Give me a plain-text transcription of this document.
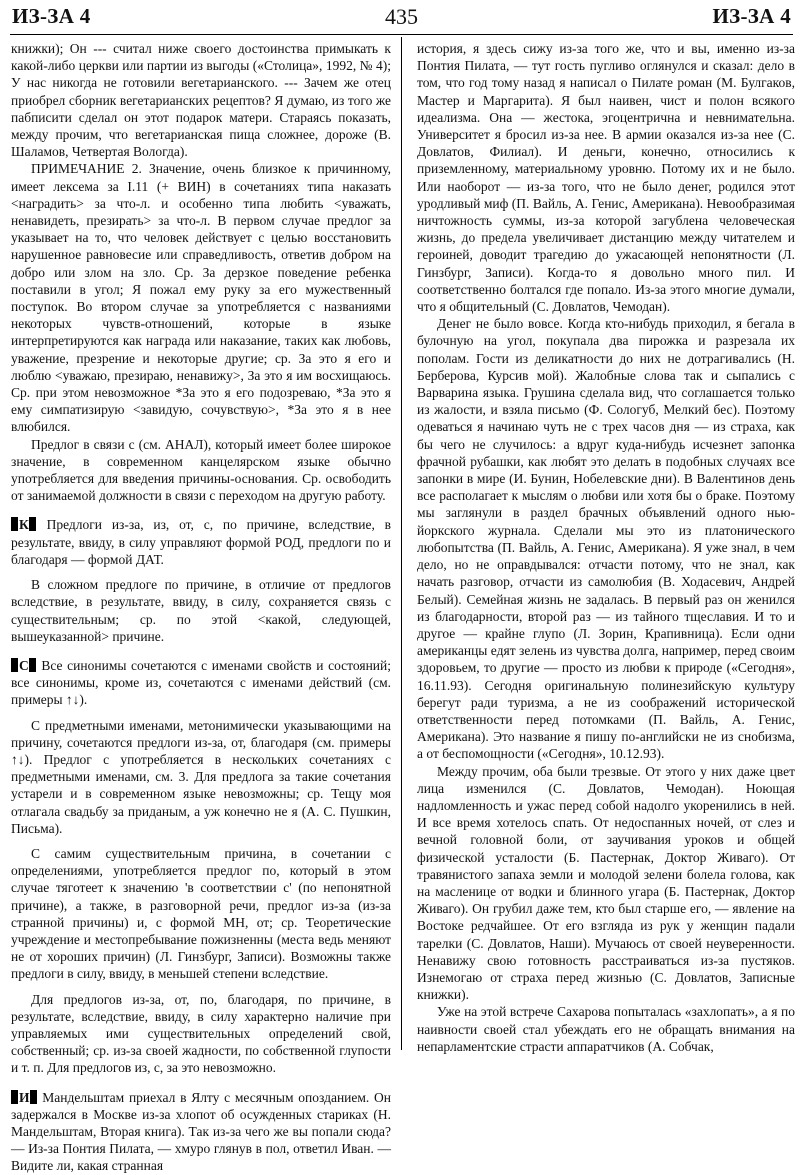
ИЗ-ЗА 4	435	ИЗ-ЗА 4

книжки); Он --- считал ниже своего достоинства примыкать к какой-либо церкви или партии из выгоды («Столица», 1992, № 4); У нас никогда не готовили вегетарианского. --- Зачем же отец приобрел сборник вегетарианских рецептов? Я думаю, из того же пабписити сделал он этот подарок матери. Стараясь показать, между прочим, что вегетарианская пища сложнее, дороже (В. Шаламов, Четвертая Вологда).

ПРИМЕЧАНИЕ 2. Значение, очень близкое к причинному, имеет лексема за I.11 (+ ВИН) в сочетаниях типа наказать <наградить> за что-л. и особенно типа любить <уважать, ненавидеть, презирать> за что-л. В первом случае предлог за указывает на то, что человек действует с целью восстановить нарушенное равновесие или справедливость, ответив добром на добро или злом на зло. Ср. За дерзкое поведение ребенка поставили в угол; Я пожал ему руку за его мужественный поступок. Во втором случае за употребляется с названиями некоторых чувств-отношений, которые в языке интерпретируются как награда или наказание, таких как любовь, уважение, презрение и некоторые другие; ср. За это я его и люблю <уважаю, презираю, ненавижу>, За это я им восхищаюсь. Ср. при этом невозможное *За это я его подозреваю, *За это я ему симпатизирую <завидую, сочувствую>, *За это я в нее влюбился.

Предлог в связи с (см. АНАЛ), который имеет более широкое значение, в современном канцелярском языке обычно употребляется для введения причины-основания. Ср. освободить от занимаемой должности в связи с переходом на другую работу.

К Предлоги из-за, из, от, с, по причине, вследствие, в результате, ввиду, в силу управляют формой РОД, предлоги по и благодаря — формой ДАТ.

В сложном предлоге по причине, в отличие от предлогов вследствие, в результате, ввиду, в силу, сохраняется связь с существительным; ср. по этой <какой, следующей, вышеуказанной> причине.

С Все синонимы сочетаются с именами свойств и состояний; все синонимы, кроме из, сочетаются с именами действий (см. примеры ↑↓).

С предметными именами, метонимически указывающими на причину, сочетаются предлоги из-за, от, благодаря (см. примеры ↑↓). Предлог с употребляется в нескольких сочетаниях с предметными именами, см. 3. Для предлога за такие сочетания устарели и в современном языке невозможны; ср. Тещу моя отлагала свадьбу за приданым, а уж конечно не я (А. С. Пушкин, Письма).

С самим существительным причина, в сочетании с определениями, употребляется предлог по, который в этом случае тяготеет к значению 'в соответствии с' (по непонятной причине), а также, в разговорной речи, предлог из-за (из-за странной причины) и, с формой МН, от; ср. Теоретические учреждение и местопребывание пожизненны (места ведь меняют не от хороших причин) (Л. Гинзбург, Записи). Возможны также предлоги в силу, ввиду, в меньшей степени вследствие.

Для предлогов из-за, от, по, благодаря, по причине, в результате, вследствие, ввиду, в силу характерно наличие при управляемых ими существительных определений свой, собственный; ср. из-за своей жадности, по собственной глупости и т. п. Для предлогов из, с, за это невозможно.

И Мандельштам приехал в Ялту с месячным опозданием. Он задержался в Москве из-за хлопот об осужденных стариках (Н. Мандельштам, Вторая книга). Так из-за чего же вы попали сюда? — Из-за Понтия Пилата, — хмуро глянув в пол, ответил Иван. — Видите ли, какая странная

история, я здесь сижу из-за того же, что и вы, именно из-за Понтия Пилата, — тут гость пугливо оглянулся и сказал: дело в том, что год тому назад я написал о Пилате роман (М. Булгаков, Мастер и Маргарита). Я был наивен, чист и полон всякого идеализма. Она — жестока, эгоцентрична и невнимательна. Университет я бросил из-за нее. В армии оказался из-за нее (С. Довлатов, Филиал). И деньги, конечно, относились к приземленному, материальному уровню. Потому их и не было. Или наоборот — из-за того, что не было денег, родился этот уродливый миф (П. Вайль, А. Генис, Американа). Невообразимая ничтожность суммы, из-за которой загублена человеческая жизнь, до предела увеличивает дистанцию между читателем и героиней, доводит трагедию до ужасающей непонятности (Л. Гинзбург, Записи). Когда-то я довольно много пил. И соответственно болтался где попало. Из-за этого многие думали, что я общительный (С. Довлатов, Чемодан).

Денег не было вовсе. Когда кто-нибудь приходил, я бегала в булочную на угол, покупала два пирожка и разрезала их пополам. Гости из деликатности до них не дотрагивались (Н. Берберова, Курсив мой). Жалобные слова так и сыпались с Варварина языка. Грушина сделала вид, что соглашается только из жалости, и взяла письмо (Ф. Сологуб, Мелкий бес). Поэтому одеваться я начинаю чуть не с трех часов дня — из страха, как бы чего не случилось: а вдруг куда-нибудь исчезнет запонка фрачной рубашки, как любят это делать в подобных случаях все запонки в мире (И. Бунин, Нобелевские дни). В Валентинов день все располагает к мыслям о любви или хотя бы о браке. Поэтому мы заглянули в раздел брачных объявлений одного нью-йоркского журнала. Сделали мы это из платонического любопытства (П. Вайль, А. Генис, Американа). Я уже знал, в чем дело, но не оправдывался: отчасти потому, что не знал, как начать разговор, отчасти из самолюбия (В. Ходасевич, Андрей Белый). Семейная жизнь не задалась. В первый раз он женился из благодарности, второй раз — из тайного тщеславия. И то и другое — крайне глупо (Л. Зорин, Крапивница). Если одни американцы едят зелень из чувства долга, например, перед своим здоровьем, то другие — просто из любви к природе («Сегодня», 16.11.93). Сегодня оригинальную полинезийскую культуру берегут ради туризма, а не из соображений исторической ответственности перед потомками (П. Вайль, А. Генис, Американа). Это название я пишу по-английски не из снобизма, а от беспомощности («Сегодня», 10.12.93).

Между прочим, оба были трезвые. От этого у них даже цвет лица изменился (С. Довлатов, Чемодан). Ноющая надломленность и ужас перед собой надолго укоренились в ней. И все время хотелось спать. От недоспанных ночей, от слез и вечной головной боли, от заучивания уроков и общей физической усталости (Б. Пастернак, Доктор Живаго). От травянистого запаха земли и молодой зелени болела голова, как на масленице от водки и блинного угара (Б. Пастернак, Доктор Живаго). Он грубил даже тем, кто был старше его, — явление на Востоке редчайшее. От его взгляда из рук у женщин падали тарелки (С. Довлатов, Наши). Мучаюсь от своей неуверенности. Ненавижу свою готовность расстраиваться из-за пустяков. Изнемогаю от страха перед жизнью (С. Довлатов, Записные книжки).

Уже на этой встрече Сахарова попыталась «захлопать», а я по наивности своей стал убеждать его не обращать внимания на непарламентские страсти аппаратчиков (А. Собчак,
